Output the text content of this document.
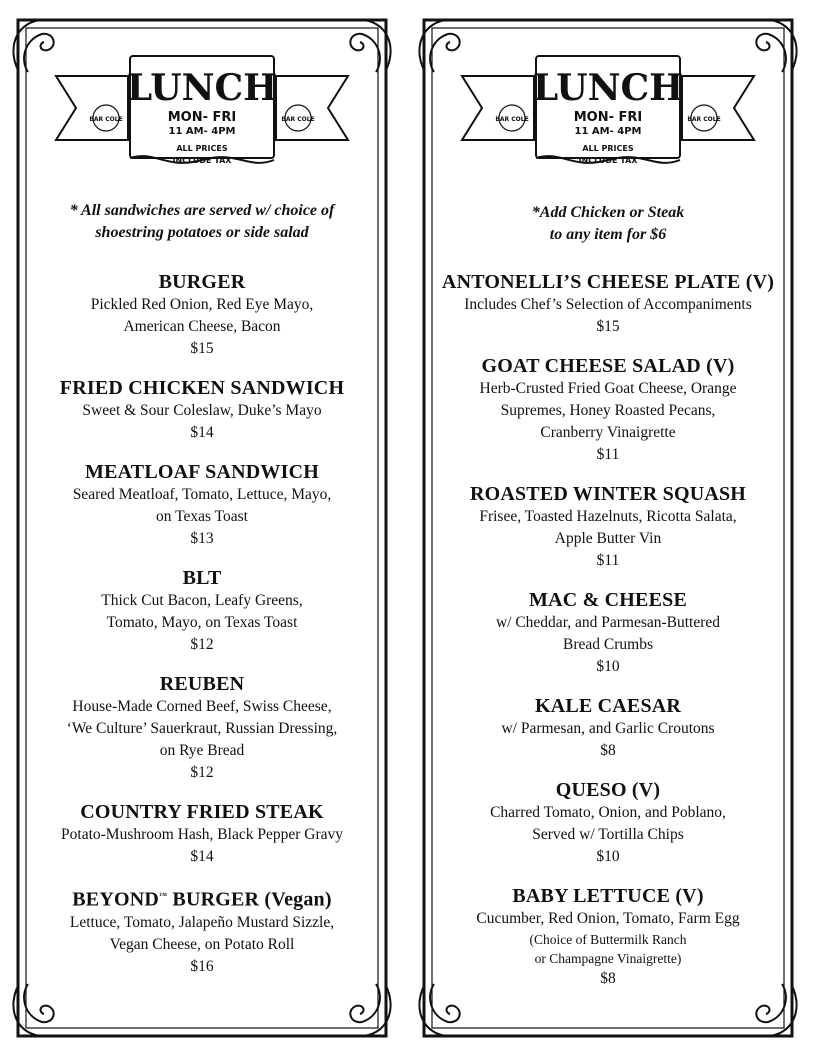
BAR COLE	BAR COLE
LUNCH
MON- FRI
11 AM- 4PM
ALL PRICES
INCLUDE TAX
* All sandwiches are served w/ choice of
shoestring potatoes or side salad
BURGER
Pickled Red Onion, Red Eye Mayo,
American Cheese, Bacon
$15
FRIED CHICKEN SANDWICH
Sweet & Sour Coleslaw, Duke’s Mayo
$14
MEATLOAF SANDWICH
Seared Meatloaf, Tomato, Lettuce, Mayo,
on Texas Toast
$13
BLT
Thick Cut Bacon, Leafy Greens,
Tomato, Mayo, on Texas Toast
$12
REUBEN
House-Made Corned Beef, Swiss Cheese,
‘We Culture’ Sauerkraut, Russian Dressing,
on Rye Bread
$12
COUNTRY FRIED STEAK
Potato-Mushroom Hash, Black Pepper Gravy
$14
BEYOND™ BURGER (Vegan)
Lettuce, Tomato, Jalapeño Mustard Sizzle,
Vegan Cheese, on Potato Roll
$16
BAR COLE	BAR COLE
LUNCH
MON- FRI
11 AM- 4PM
ALL PRICES
INCLUDE TAX
*Add Chicken or Steak
to any item for $6
ANTONELLI’S CHEESE PLATE (V)
Includes Chef’s Selection of Accompaniments
$15
GOAT CHEESE SALAD (V)
Herb-Crusted Fried Goat Cheese, Orange
Supremes, Honey Roasted Pecans,
Cranberry Vinaigrette
$11
ROASTED WINTER SQUASH
Frisee, Toasted Hazelnuts, Ricotta Salata,
Apple Butter Vin
$11
MAC & CHEESE
w/ Cheddar, and Parmesan-Buttered
Bread Crumbs
$10
KALE CAESAR
w/ Parmesan, and Garlic Croutons
$8
QUESO (V)
Charred Tomato, Onion, and Poblano,
Served w/ Tortilla Chips
$10
BABY LETTUCE (V)
Cucumber, Red Onion, Tomato, Farm Egg
(Choice of Buttermilk Ranch
or Champagne Vinaigrette)
$8
